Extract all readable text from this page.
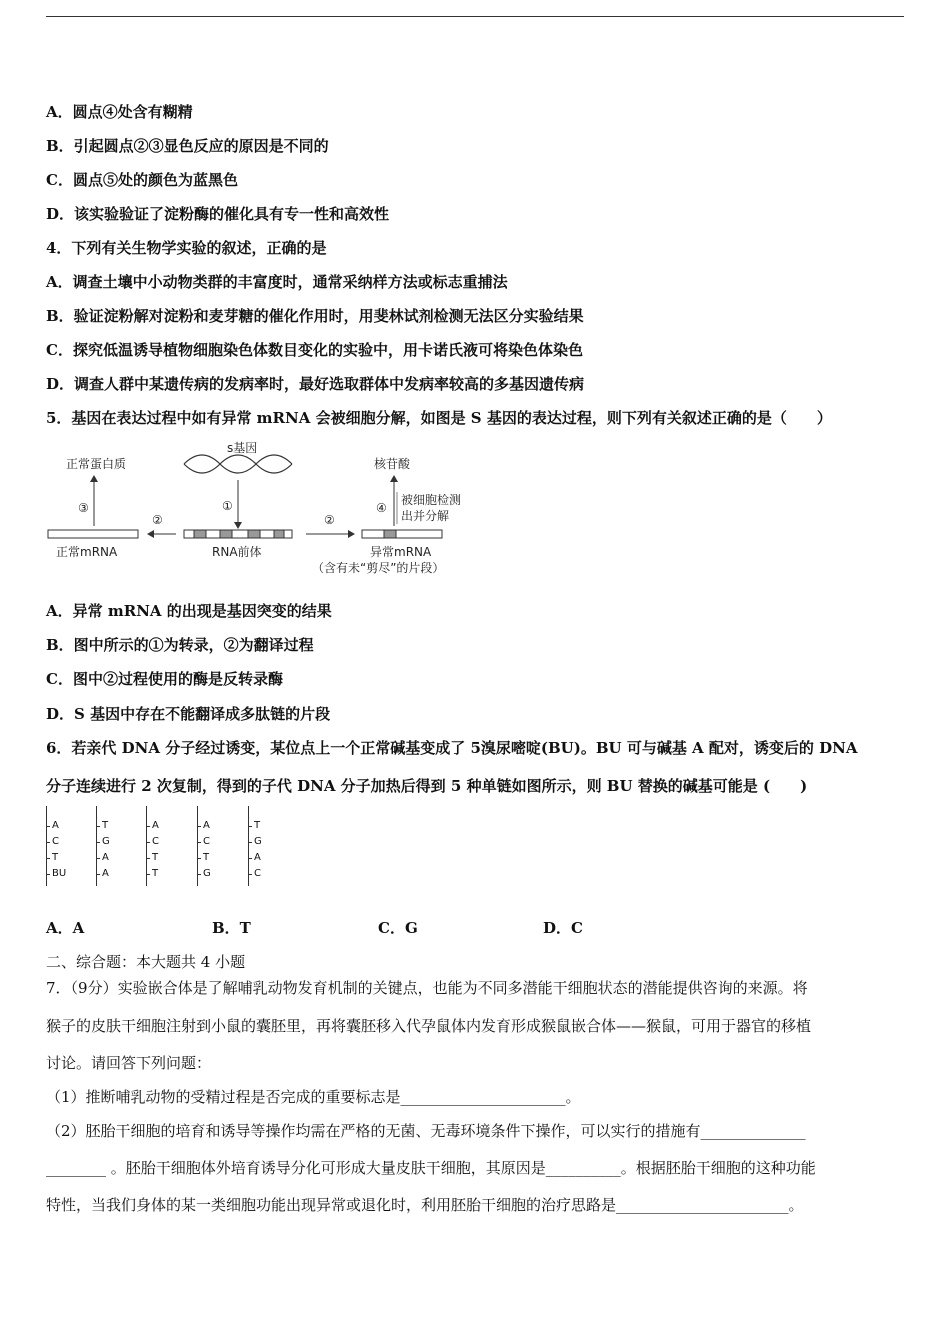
A．圆点④处含有糊精
B．引起圆点②③显色反应的原因是不同的
C．圆点⑤处的颜色为蓝黑色
D．该实验验证了淀粉酶的催化具有专一性和高效性
4．下列有关生物学实验的叙述，正确的是
A．调查土壤中小动物类群的丰富度时，通常采纳样方法或标志重捕法
B．验证淀粉解对淀粉和麦芽糖的催化作用时，用斐林试剂检测无法区分实验结果
C．探究低温诱导植物细胞染色体数目变化的实验中，用卡诺氏液可将染色体染色
D．调查人群中某遗传病的发病率时，最好选取群体中发病率较高的多基因遗传病
5．基因在表达过程中如有异常 mRNA 会被细胞分解，如图是 S 基因的表达过程，则下列有关叙述正确的是（　　）
正常蛋白质
s基因
核苷酸
①
③	④
被细胞检测
出并分解
②	②
正常mRNA	RNA前体	异常mRNA
（含有未“剪尽”的片段）
A．异常 mRNA 的出现是基因突变的结果
B．图中所示的①为转录，②为翻译过程
C．图中②过程使用的酶是反转录酶
D．S 基因中存在不能翻译成多肽链的片段
6．若亲代 DNA 分子经过诱变，某位点上一个正常碱基变成了 5溴尿嘧啶(BU)。BU 可与碱基 A 配对，诱变后的 DNA
分子连续进行 2 次复制，得到的子代 DNA 分子加热后得到 5 种单链如图所示，则 BU 替换的碱基可能是 (　　)
A
C
T
BU
T
G
A
A
A
C
T
T
A
C
T
G
T
G
A
C
A．A	B．T	C．G	D．C
二、综合题：本大题共 4 小题
7．（9分）实验嵌合体是了解哺乳动物发育机制的关键点，也能为不同多潜能干细胞状态的潜能提供咨询的来源。将
猴子的皮肤干细胞注射到小鼠的囊胚里，再将囊胚移入代孕鼠体内发育形成猴鼠嵌合体——猴鼠，可用于器官的移植
讨论。请回答下列问题：
（1）推断哺乳动物的受精过程是否完成的重要标志是______________________。
（2）胚胎干细胞的培育和诱导等操作均需在严格的无菌、无毒环境条件下操作，可以实行的措施有______________
________ 。胚胎干细胞体外培育诱导分化可形成大量皮肤干细胞，其原因是__________。根据胚胎干细胞的这种功能
特性，当我们身体的某一类细胞功能出现异常或退化时，利用胚胎干细胞的治疗思路是_______________________。
